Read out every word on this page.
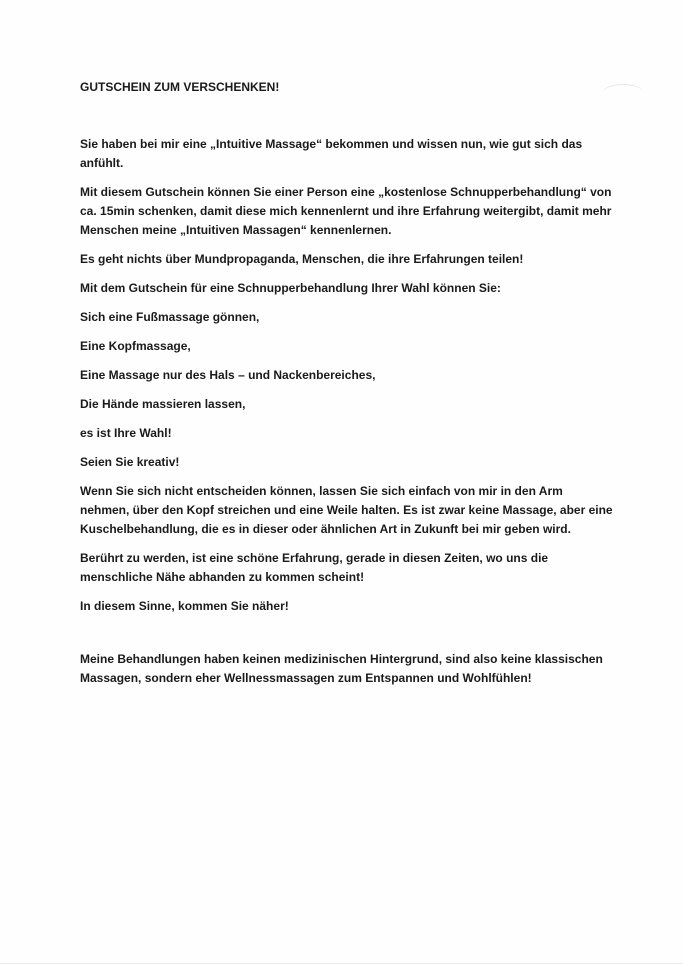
GUTSCHEIN ZUM VERSCHENKEN!

Sie haben bei mir eine „Intuitive Massage“ bekommen und wissen nun, wie gut sich das anfühlt.

Mit diesem Gutschein können Sie einer Person eine „kostenlose Schnupperbehandlung“ von ca. 15min schenken, damit diese mich kennenlernt und ihre Erfahrung weitergibt, damit mehr Menschen meine „Intuitiven Massagen“ kennenlernen.

Es geht nichts über Mundpropaganda, Menschen, die ihre Erfahrungen teilen!

Mit dem Gutschein für eine Schnupperbehandlung Ihrer Wahl können Sie:

Sich eine Fußmassage gönnen,

Eine Kopfmassage,

Eine Massage nur des Hals – und Nackenbereiches,

Die Hände massieren lassen,

es ist Ihre Wahl!

Seien Sie kreativ!

Wenn Sie sich nicht entscheiden können, lassen Sie sich einfach von mir in den Arm nehmen, über den Kopf streichen und eine Weile halten. Es ist zwar keine Massage, aber eine Kuschelbehandlung, die es in dieser oder ähnlichen Art in Zukunft bei mir geben wird.

Berührt zu werden, ist eine schöne Erfahrung, gerade in diesen Zeiten, wo uns die menschliche Nähe abhanden zu kommen scheint!

In diesem Sinne, kommen Sie näher!

Meine Behandlungen haben keinen medizinischen Hintergrund, sind also keine klassischen Massagen, sondern eher Wellnessmassagen zum Entspannen und Wohlfühlen!
